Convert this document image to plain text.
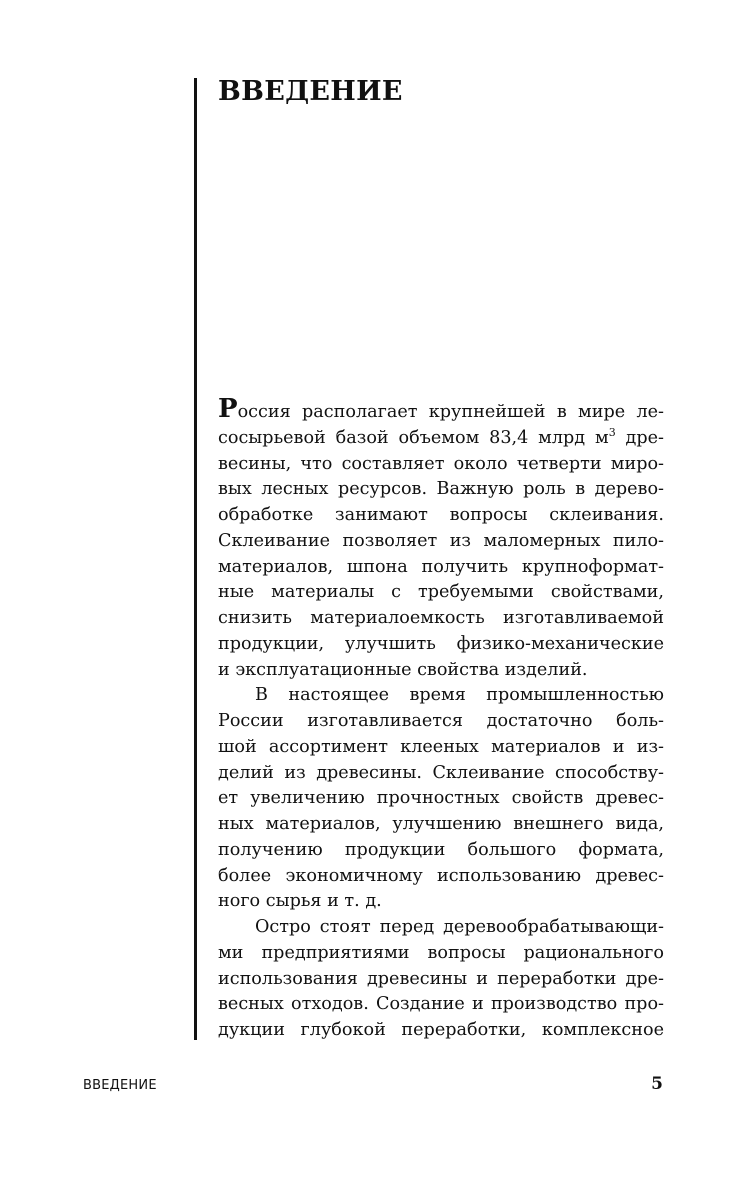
ВВЕДЕНИЕ
Россия располагает крупнейшей в мире ле-
сосырьевой базой объемом 83,4 млрд $м^3$ дре-
весины, что составляет около четверти миро-
вых лесных ресурсов. Важную роль в дерево-
обработке занимают вопросы склеивания.
Склеивание позволяет из маломерных пило-
материалов, шпона получить крупноформат-
ные материалы с требуемыми свойствами,
снизить материалоемкость изготавливаемой
продукции, улучшить физико-механические
и эксплуатационные свойства изделий.
В настоящее время промышленностью
России изготавливается достаточно боль-
шой ассортимент клееных материалов и из-
делий из древесины. Склеивание способству-
ет увеличению прочностных свойств древес-
ных материалов, улучшению внешнего вида,
получению продукции большого формата,
более экономичному использованию древес-
ного сырья и т. д.
Остро стоят перед деревообрабатывающи-
ми предприятиями вопросы рационального
использования древесины и переработки дре-
весных отходов. Создание и производство про-
дукции глубокой переработки, комплексное
ВВЕДЕНИЕ	5
